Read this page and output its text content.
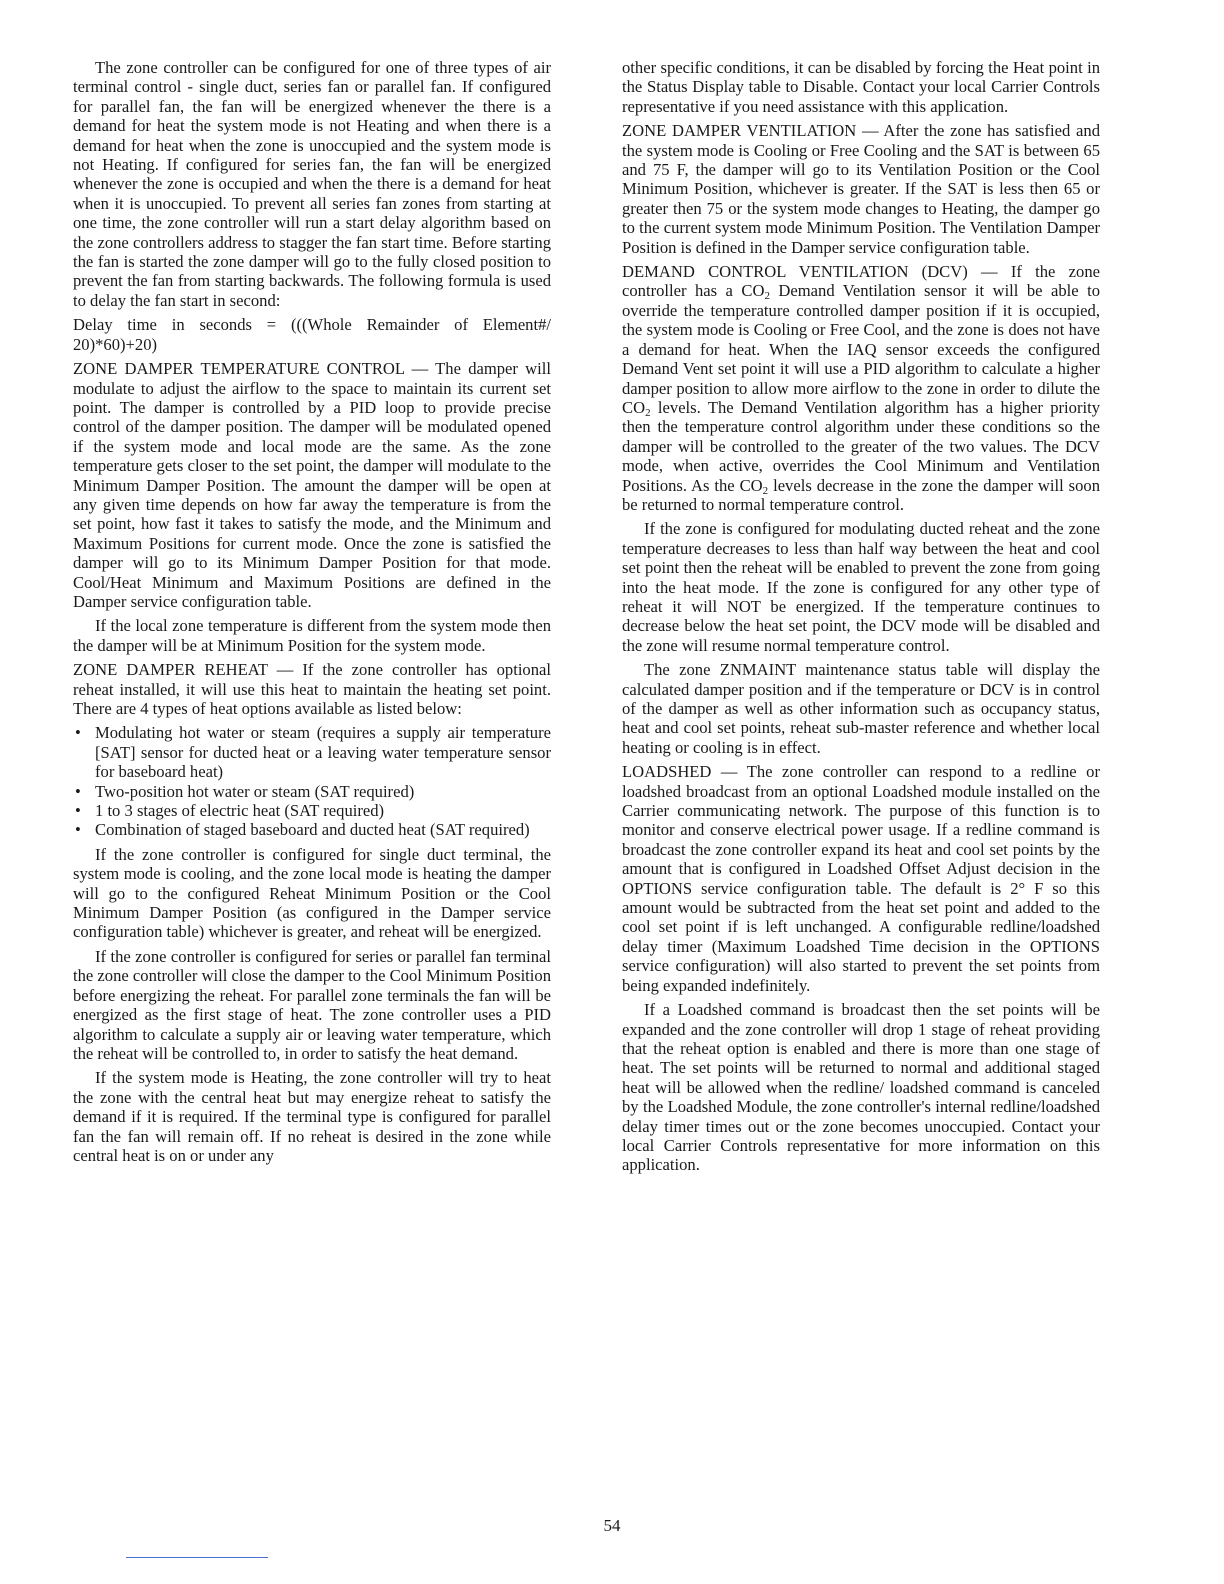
The zone controller can be configured for one of three types of air terminal control - single duct, series fan or parallel fan. If configured for parallel fan, the fan will be energized whenever the there is a demand for heat the system mode is not Heating and when there is a demand for heat when the zone is unoccupied and the system mode is not Heating. If configured for series fan, the fan will be energized whenever the zone is occupied and when the there is a demand for heat when it is unoccupied. To prevent all series fan zones from starting at one time, the zone controller will run a start delay algorithm based on the zone controllers address to stagger the fan start time. Before starting the fan is started the zone damper will go to the fully closed position to prevent the fan from starting backwards. The following formula is used to delay the fan start in second:

Delay time in seconds = (((Whole Remainder of Element#/ 20)*60)+20)

ZONE DAMPER TEMPERATURE CONTROL — The damper will modulate to adjust the airflow to the space to maintain its current set point. The damper is controlled by a PID loop to provide precise control of the damper position. The damper will be modulated opened if the system mode and local mode are the same. As the zone temperature gets closer to the set point, the damper will modulate to the Minimum Damper Position. The amount the damper will be open at any given time depends on how far away the temperature is from the set point, how fast it takes to satisfy the mode, and the Minimum and Maximum Positions for current mode. Once the zone is satisfied the damper will go to its Minimum Damper Position for that mode. Cool/Heat Minimum and Maximum Positions are defined in the Damper service configuration table.

If the local zone temperature is different from the system mode then the damper will be at Minimum Position for the system mode.

ZONE DAMPER REHEAT — If the zone controller has optional reheat installed, it will use this heat to maintain the heating set point. There are 4 types of heat options available as listed below:

• Modulating hot water or steam (requires a supply air temperature [SAT] sensor for ducted heat or a leaving water temperature sensor for baseboard heat)
• Two-position hot water or steam (SAT required)
• 1 to 3 stages of electric heat (SAT required)
• Combination of staged baseboard and ducted heat (SAT required)

If the zone controller is configured for single duct terminal, the system mode is cooling, and the zone local mode is heating the damper will go to the configured Reheat Minimum Position or the Cool Minimum Damper Position (as configured in the Damper service configuration table) whichever is greater, and reheat will be energized.

If the zone controller is configured for series or parallel fan terminal the zone controller will close the damper to the Cool Minimum Position before energizing the reheat. For parallel zone terminals the fan will be energized as the first stage of heat. The zone controller uses a PID algorithm to calculate a supply air or leaving water temperature, which the reheat will be controlled to, in order to satisfy the heat demand.

If the system mode is Heating, the zone controller will try to heat the zone with the central heat but may energize reheat to satisfy the demand if it is required. If the terminal type is configured for parallel fan the fan will remain off. If no reheat is desired in the zone while central heat is on or under any

other specific conditions, it can be disabled by forcing the Heat point in the Status Display table to Disable. Contact your local Carrier Controls representative if you need assistance with this application.

ZONE DAMPER VENTILATION — After the zone has satisfied and the system mode is Cooling or Free Cooling and the SAT is between 65 and 75 F, the damper will go to its Ventilation Position or the Cool Minimum Position, whichever is greater. If the SAT is less then 65 or greater then 75 or the system mode changes to Heating, the damper go to the current system mode Minimum Position. The Ventilation Damper Position is defined in the Damper service configuration table.

DEMAND CONTROL VENTILATION (DCV) — If the zone controller has a $CO_2$ Demand Ventilation sensor it will be able to override the temperature controlled damper position if it is occupied, the system mode is Cooling or Free Cool, and the zone is does not have a demand for heat. When the IAQ sensor exceeds the configured Demand Vent set point it will use a PID algorithm to calculate a higher damper position to allow more airflow to the zone in order to dilute the $CO_2$ levels. The Demand Ventilation algorithm has a higher priority then the temperature control algorithm under these conditions so the damper will be controlled to the greater of the two values. The DCV mode, when active, overrides the Cool Minimum and Ventilation Positions. As the $CO_2$ levels decrease in the zone the damper will soon be returned to normal temperature control.

If the zone is configured for modulating ducted reheat and the zone temperature decreases to less than half way between the heat and cool set point then the reheat will be enabled to prevent the zone from going into the heat mode. If the zone is configured for any other type of reheat it will NOT be energized. If the temperature continues to decrease below the heat set point, the DCV mode will be disabled and the zone will resume normal temperature control.

The zone ZNMAINT maintenance status table will display the calculated damper position and if the temperature or DCV is in control of the damper as well as other information such as occupancy status, heat and cool set points, reheat sub-master reference and whether local heating or cooling is in effect.

LOADSHED — The zone controller can respond to a redline or loadshed broadcast from an optional Loadshed module installed on the Carrier communicating network. The purpose of this function is to monitor and conserve electrical power usage. If a redline command is broadcast the zone controller expand its heat and cool set points by the amount that is configured in Loadshed Offset Adjust decision in the OPTIONS service configuration table. The default is 2° F so this amount would be subtracted from the heat set point and added to the cool set point if is left unchanged. A configurable redline/loadshed delay timer (Maximum Loadshed Time decision in the OPTIONS service configuration) will also started to prevent the set points from being expanded indefinitely.

If a Loadshed command is broadcast then the set points will be expanded and the zone controller will drop 1 stage of reheat providing that the reheat option is enabled and there is more than one stage of heat. The set points will be returned to normal and additional staged heat will be allowed when the redline/ loadshed command is canceled by the Loadshed Module, the zone controller's internal redline/loadshed delay timer times out or the zone becomes unoccupied. Contact your local Carrier Controls representative for more information on this application.

54
